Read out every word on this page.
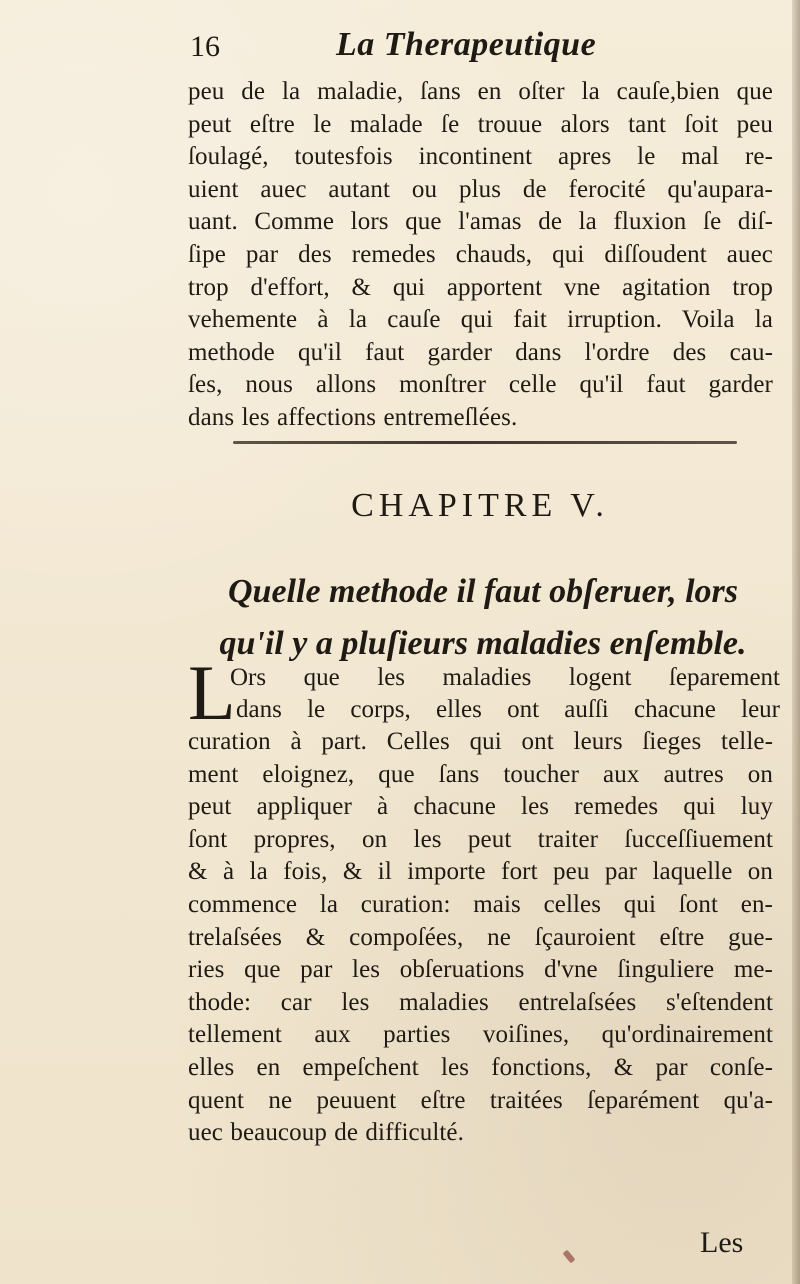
16	La Therapeutique
peu de la maladie, ſans en oſter la cauſe,bien que
peut eſtre le malade ſe trouue alors tant ſoit peu
ſoulagé, toutesfois incontinent apres le mal re-
uient auec autant ou plus de ferocité qu'aupara-
uant. Comme lors que l'amas de la fluxion ſe diſ-
ſipe par des remedes chauds, qui diſſoudent auec
trop d'effort, & qui apportent vne agitation trop
vehemente à la cauſe qui fait irruption. Voila la
methode qu'il faut garder dans l'ordre des cau-
ſes, nous allons monſtrer celle qu'il faut garder
dans les affections entremeſlées.
CHAPITRE V.
Quelle methode il faut obſeruer, lors
qu'il y a pluſieurs maladies enſemble.
L
Ors que les maladies logent ſeparement
dans le corps, elles ont auſſi chacune leur
curation à part. Celles qui ont leurs ſieges telle-
ment eloignez, que ſans toucher aux autres on
peut appliquer à chacune les remedes qui luy
ſont propres, on les peut traiter ſucceſſiuement
& à la fois, & il importe fort peu par laquelle on
commence la curation: mais celles qui ſont en-
trelaſsées & compoſées, ne ſçauroient eſtre gue-
ries que par les obſeruations d'vne ſinguliere me-
thode: car les maladies entrelaſsées s'eſtendent
tellement aux parties voiſines, qu'ordinairement
elles en empeſchent les fonctions, & par conſe-
quent ne peuuent eſtre traitées ſeparément qu'a-
uec beaucoup de difficulté.
Les
